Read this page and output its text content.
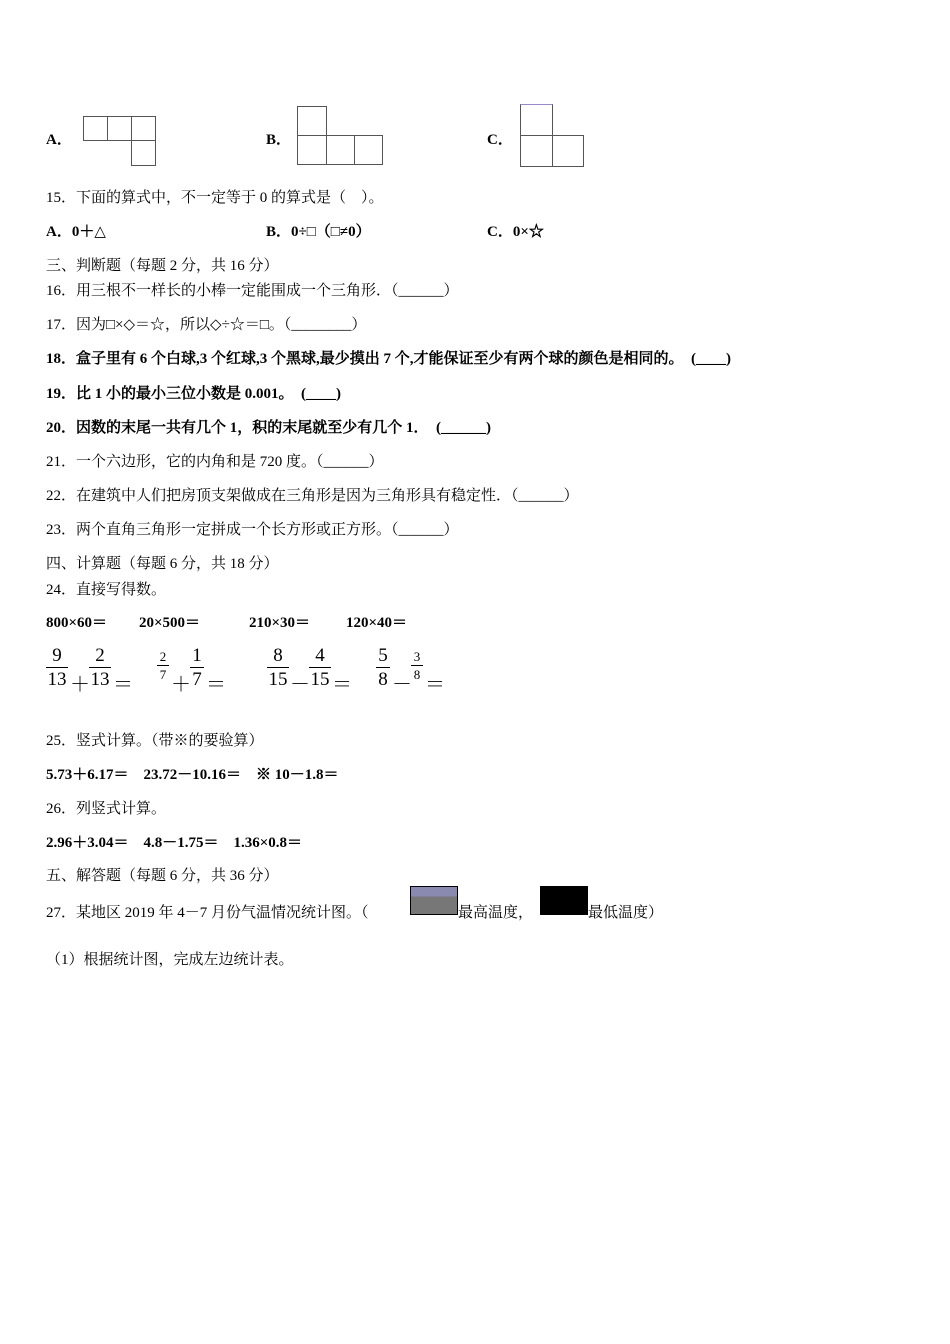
A．	B．	C．
15．下面的算式中，不一定等于 0 的算式是（　）。
A．0＋△	B．0÷□（□≠0）	C．0×☆
三、判断题（每题 2 分，共 16 分）
16．用三根不一样长的小棒一定能围成一个三角形．（______）
17．因为□×◇＝☆，所以◇÷☆＝□。（________）
18．盒子里有 6 个白球,3 个红球,3 个黑球,最少摸出 7 个,才能保证至少有两个球的颜色是相同的。　(____)
19．比 1 小的最小三位小数是 0.001。　(____)
20．因数的末尾一共有几个 1，积的末尾就至少有几个 1．　(______)
21．一个六边形，它的内角和是 720 度。（______）
22．在建筑中人们把房顶支架做成在三角形是因为三角形具有稳定性．（______）
23．两个直角三角形一定拼成一个长方形或正方形。（______）
四、计算题（每题 6 分，共 18 分）
24．直接写得数。
800×60＝ 20×500＝	210×30＝ 120×40＝
9
13 ＋
2
13 ＝
2
7 ＋
1
7 ＝
8
15 －
4
15 ＝
5
8 －
3
8 ＝
25．竖式计算。（带※的要验算）
5.73＋6.17＝　23.72－10.16＝　※ 10－1.8＝
26．列竖式计算。
2.96＋3.04＝　4.8－1.75＝　1.36×0.8＝
五、解答题（每题 6 分，共 36 分）
27．某地区 2019 年 4－7 月份气温情况统计图。（	最高温度，	最低温度）
（1）根据统计图，完成左边统计表。
